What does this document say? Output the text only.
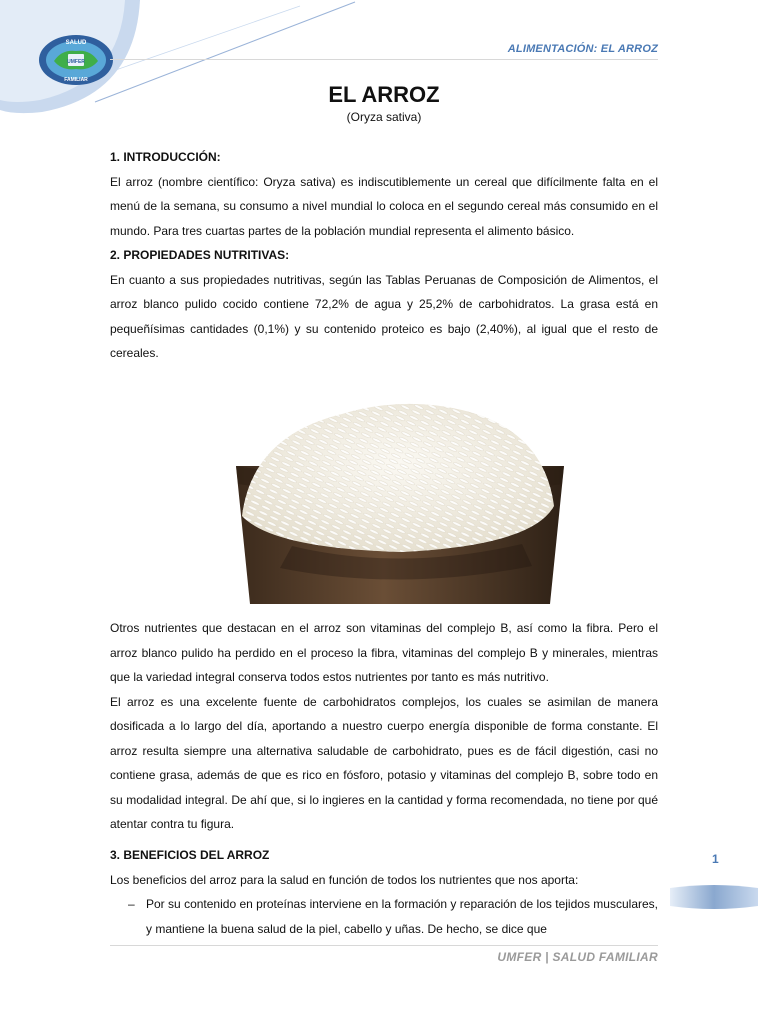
SALUD
UMFER
FAMILIAR
ALIMENTACIÓN: EL ARROZ
EL ARROZ
(Oryza sativa)

1. INTRODUCCIÓN:

El arroz (nombre científico: Oryza sativa) es indiscutiblemente un cereal que difícilmente falta en el menú de la semana, su consumo a nivel mundial lo coloca en el segundo cereal más consumido en el mundo. Para tres cuartas partes de la población mundial representa el alimento básico.

2. PROPIEDADES NUTRITIVAS:

En cuanto a sus propiedades nutritivas, según las Tablas Peruanas de Composición de Alimentos, el arroz blanco pulido cocido contiene 72,2% de agua y 25,2% de carbohidratos. La grasa está en pequeñísimas cantidades (0,1%) y su contenido proteico es bajo (2,40%), al igual que el resto de cereales.

Otros nutrientes que destacan en el arroz son vitaminas del complejo B, así como la fibra. Pero el arroz blanco pulido ha perdido en el proceso la fibra, vitaminas del complejo B y minerales, mientras que la variedad integral conserva todos estos nutrientes por tanto es más nutritivo.

El arroz es una excelente fuente de carbohidratos complejos, los cuales se asimilan de manera dosificada a lo largo del día, aportando a nuestro cuerpo energía disponible de forma constante. El arroz resulta siempre una alternativa saludable de carbohidrato, pues es de fácil digestión, casi no contiene grasa, además de que es rico en fósforo, potasio y vitaminas del complejo B, sobre todo en su modalidad integral. De ahí que, si lo ingieres en la cantidad y forma recomendada, no tiene por qué atentar contra tu figura.

3. BENEFICIOS DEL ARROZ

Los beneficios del arroz para la salud en función de todos los nutrientes que nos aporta:

– Por su contenido en proteínas interviene en la formación y reparación de los tejidos musculares, y mantiene la buena salud de la piel, cabello y uñas. De hecho, se dice que
1
UMFER | SALUD FAMILIAR
